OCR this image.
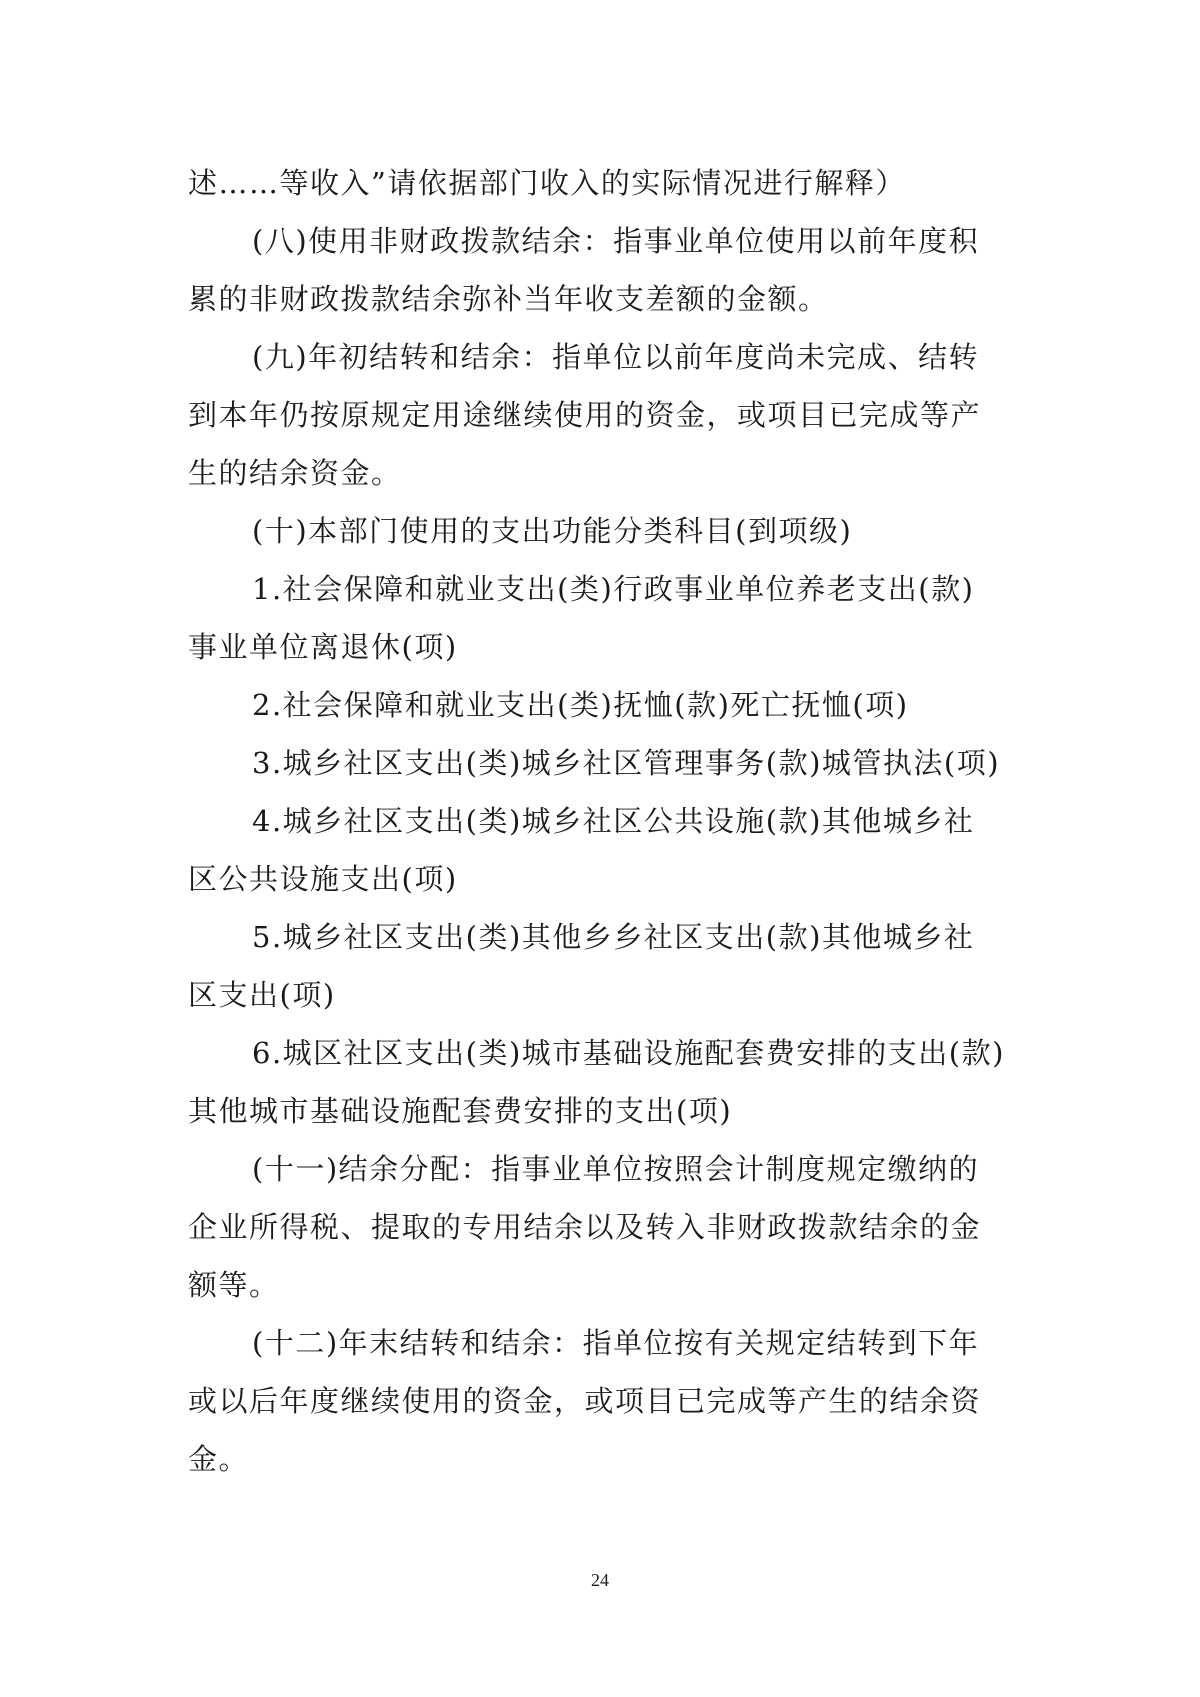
述……等收入”请依据部门收入的实际情况进行解释）
(八)使用非财政拨款结余：指事业单位使用以前年度积
累的非财政拨款结余弥补当年收支差额的金额。
(九)年初结转和结余：指单位以前年度尚未完成、结转
到本年仍按原规定用途继续使用的资金，或项目已完成等产
生的结余资金。
(十)本部门使用的支出功能分类科目(到项级)
1.社会保障和就业支出(类)行政事业单位养老支出(款)
事业单位离退休(项)
2.社会保障和就业支出(类)抚恤(款)死亡抚恤(项)
3.城乡社区支出(类)城乡社区管理事务(款)城管执法(项)
4.城乡社区支出(类)城乡社区公共设施(款)其他城乡社
区公共设施支出(项)
5.城乡社区支出(类)其他乡乡社区支出(款)其他城乡社
区支出(项)
6.城区社区支出(类)城市基础设施配套费安排的支出(款)
其他城市基础设施配套费安排的支出(项)
(十一)结余分配：指事业单位按照会计制度规定缴纳的
企业所得税、提取的专用结余以及转入非财政拨款结余的金
额等。
(十二)年末结转和结余：指单位按有关规定结转到下年
或以后年度继续使用的资金，或项目已完成等产生的结余资
金。
24
